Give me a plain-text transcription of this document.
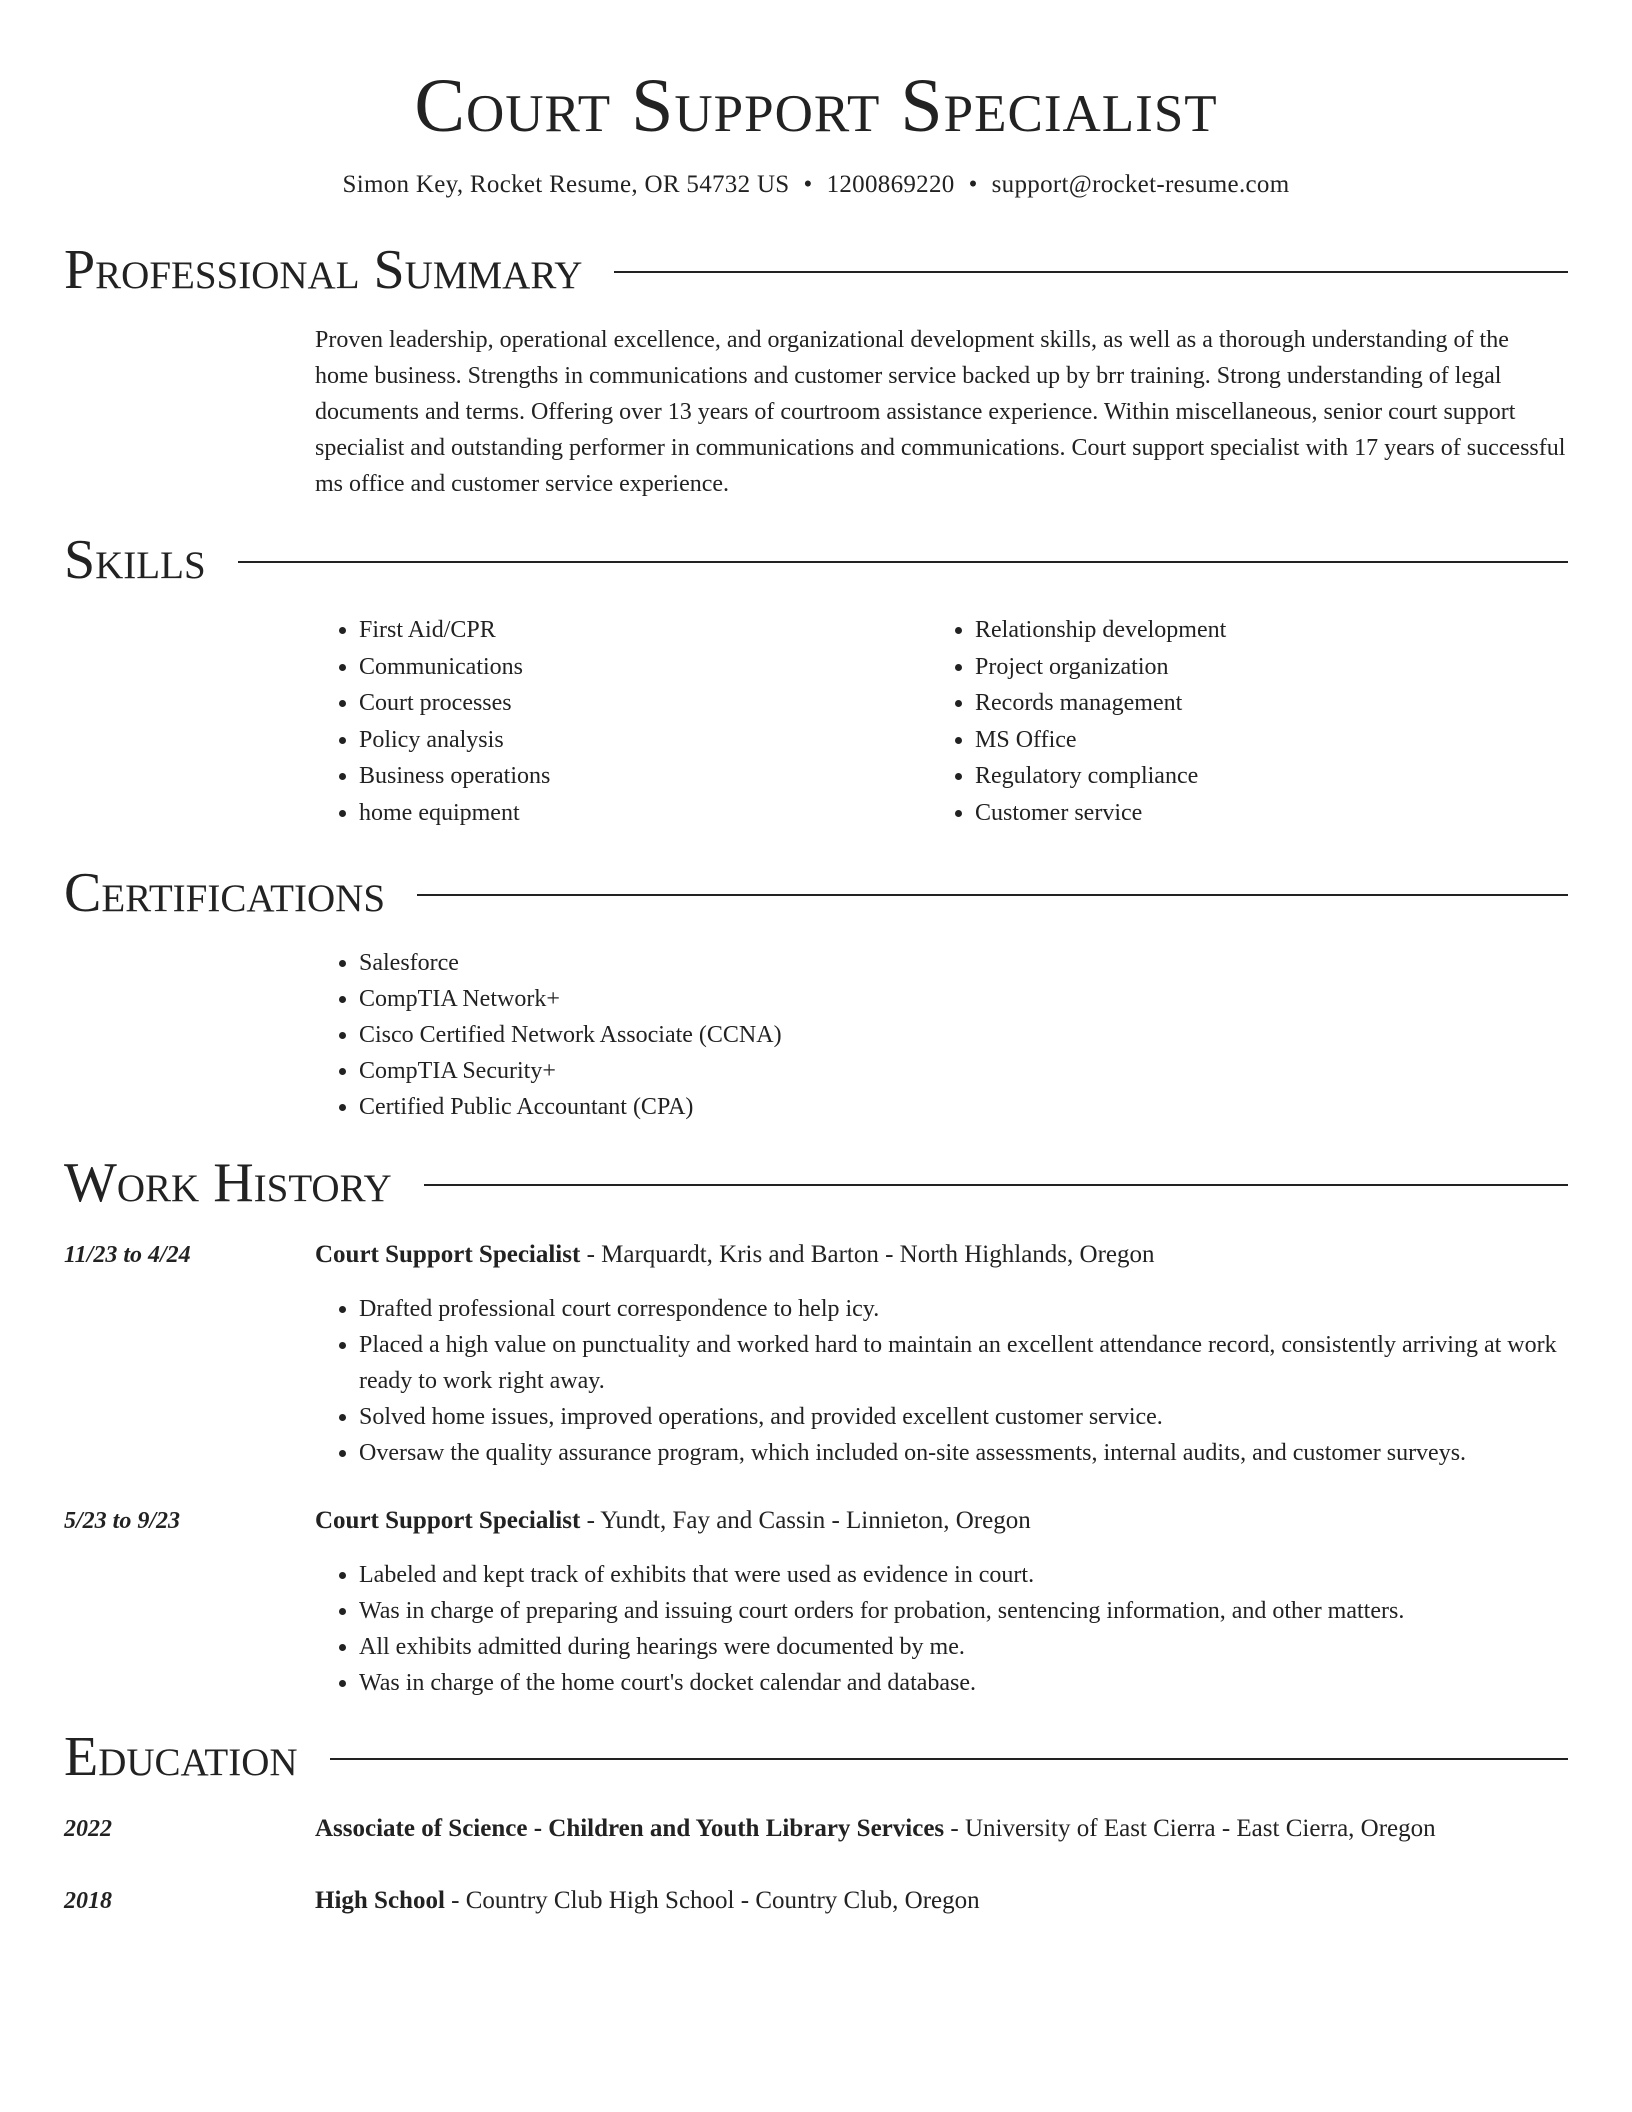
Court Support Specialist
Simon Key, Rocket Resume, OR 54732 US • 1200869220 • support@rocket-resume.com
Professional Summary
Proven leadership, operational excellence, and organizational development skills, as well as a thorough understanding of the home business. Strengths in communications and customer service backed up by brr training. Strong understanding of legal documents and terms. Offering over 13 years of courtroom assistance experience. Within miscellaneous, senior court support specialist and outstanding performer in communications and communications. Court support specialist with 17 years of successful ms office and customer service experience.
Skills
• First Aid/CPR
• Communications
• Court processes
• Policy analysis
• Business operations
• home equipment
• Relationship development
• Project organization
• Records management
• MS Office
• Regulatory compliance
• Customer service
Certifications
• Salesforce
• CompTIA Network+
• Cisco Certified Network Associate (CCNA)
• CompTIA Security+
• Certified Public Accountant (CPA)
Work History
11/23 to 4/24	Court Support Specialist - Marquardt, Kris and Barton - North Highlands, Oregon
• Drafted professional court correspondence to help icy.
• Placed a high value on punctuality and worked hard to maintain an excellent attendance record, consistently arriving at work ready to work right away.
• Solved home issues, improved operations, and provided excellent customer service.
• Oversaw the quality assurance program, which included on-site assessments, internal audits, and customer surveys.
5/23 to 9/23	Court Support Specialist - Yundt, Fay and Cassin - Linnieton, Oregon
• Labeled and kept track of exhibits that were used as evidence in court.
• Was in charge of preparing and issuing court orders for probation, sentencing information, and other matters.
• All exhibits admitted during hearings were documented by me.
• Was in charge of the home court's docket calendar and database.
Education
2022	Associate of Science - Children and Youth Library Services - University of East Cierra - East Cierra, Oregon
2018	High School - Country Club High School - Country Club, Oregon
